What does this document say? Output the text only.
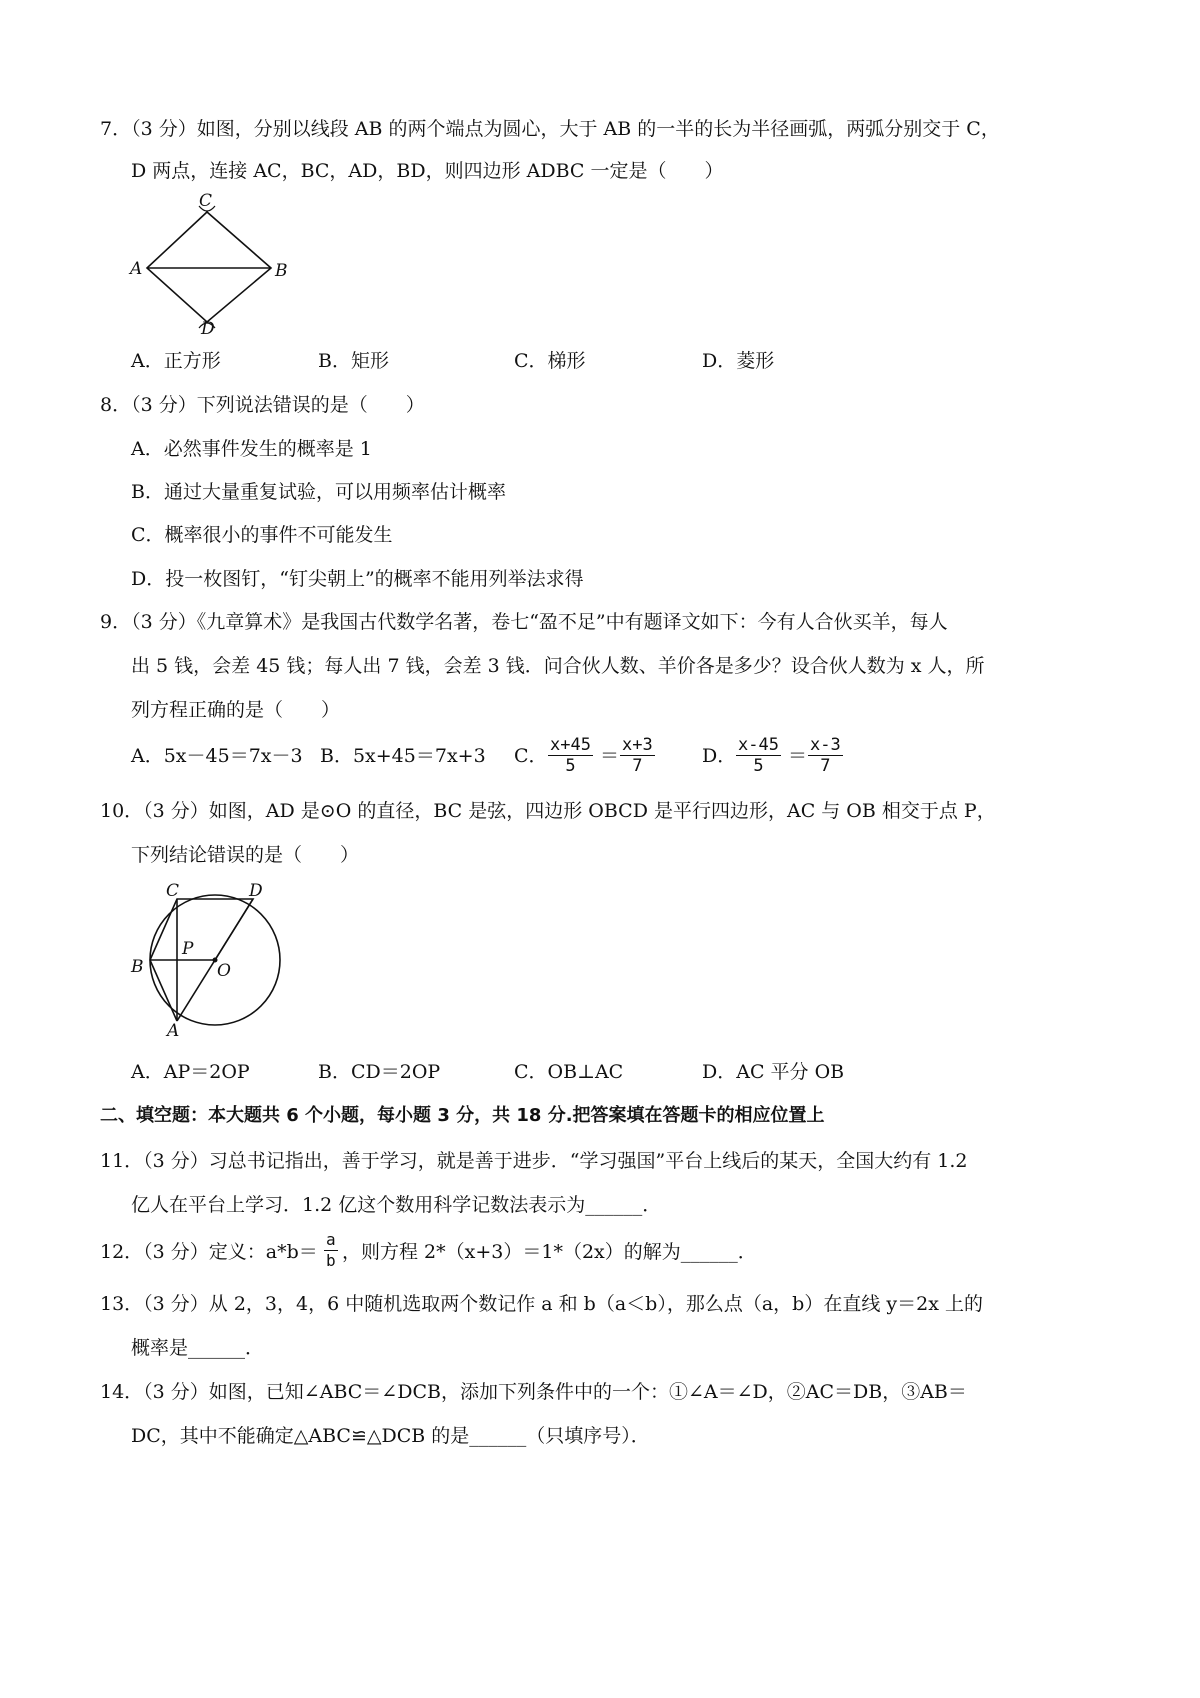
7．（3 分）如图，分别以线段 AB 的两个端点为圆心，大于 AB 的一半的长为半径画弧，两弧分别交于 C，
D 两点，连接 AC，BC，AD，BD，则四边形 ADBC 一定是（　　）
C
A	B
D
A．正方形	B．矩形	C．梯形	D．菱形
8．（3 分）下列说法错误的是（　　）
A．必然事件发生的概率是 1
B．通过大量重复试验，可以用频率估计概率
C．概率很小的事件不可能发生
D．投一枚图钉，“钉尖朝上”的概率不能用列举法求得
9．（3 分）《九章算术》是我国古代数学名著，卷七“盈不足”中有题译文如下：今有人合伙买羊，每人
出 5 钱，会差 45 钱；每人出 7 钱，会差 3 钱．问合伙人数、羊价各是多少？设合伙人数为 x 人，所
列方程正确的是（　　）
A．5x－45＝7x－3 B．5x+45＝7x+3 C． $\frac{x+45}{5} = \frac{x+3}{7}$ D． $\frac{x-45}{5} = \frac{x-3}{7}$
10．（3 分）如图，AD 是⊙O 的直径，BC 是弦，四边形 OBCD 是平行四边形，AC 与 OB 相交于点 P，
下列结论错误的是（　　）
C	D
P
B	O
A
A．AP＝2OP	B．CD＝2OP	C．OB⊥AC	D．AC 平分 OB
二、填空题：本大题共 6 个小题，每小题 3 分，共 18 分.把答案填在答题卡的相应位置上
11．（3 分）习总书记指出，善于学习，就是善于进步．“学习强国”平台上线后的某天，全国大约有 1.2
亿人在平台上学习．1.2 亿这个数用科学记数法表示为______．
12．（3 分）定义：$a*b= \frac{a}{b}$ ，则方程 2*（x+3）＝1*（2x）的解为______．
13．（3 分）从 2，3，4，6 中随机选取两个数记作 a 和 b（a＜b），那么点（a，b）在直线 y＝2x 上的
概率是______．
14．（3 分）如图，已知∠ABC＝∠DCB，添加下列条件中的一个：①∠A＝∠D，②AC＝DB，③AB＝
DC，其中不能确定△ABC≌△DCB 的是______（只填序号）．
